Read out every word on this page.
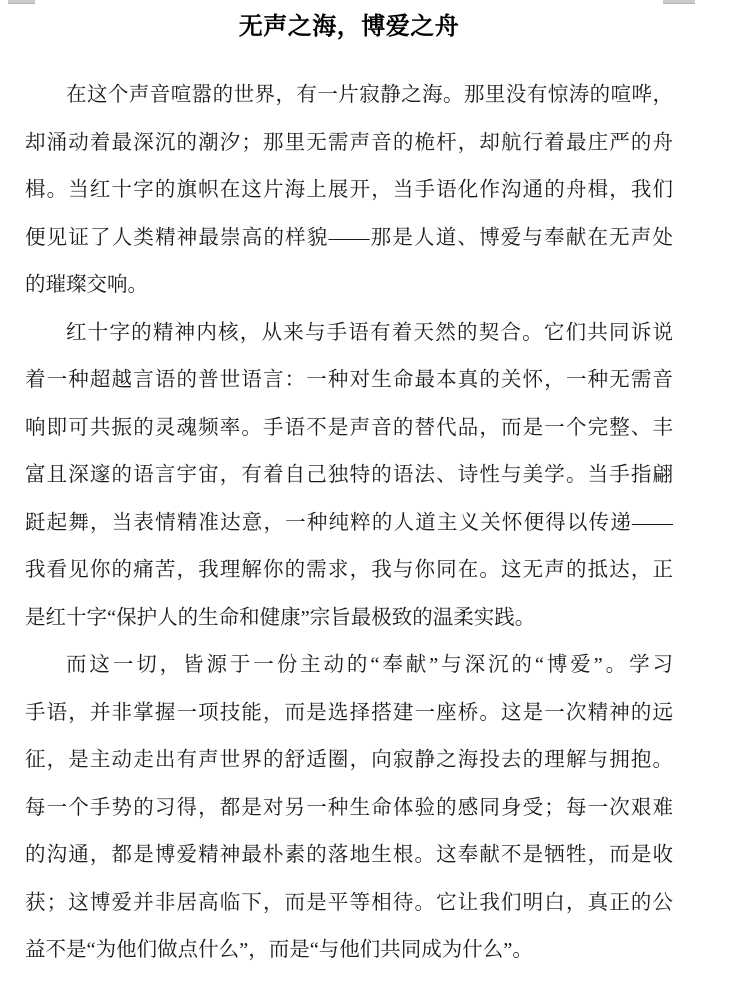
无声之海，博爱之舟
在这个声音喧嚣的世界，有一片寂静之海。那里没有惊涛的喧哗，
却涌动着最深沉的潮汐；那里无需声音的桅杆，却航行着最庄严的舟
楫。当红十字的旗帜在这片海上展开，当手语化作沟通的舟楫，我们
便见证了人类精神最崇高的样貌——那是人道、博爱与奉献在无声处
的璀璨交响。
红十字的精神内核，从来与手语有着天然的契合。它们共同诉说
着一种超越言语的普世语言：一种对生命最本真的关怀，一种无需音
响即可共振的灵魂频率。手语不是声音的替代品，而是一个完整、丰
富且深邃的语言宇宙，有着自己独特的语法、诗性与美学。当手指翩
跹起舞，当表情精准达意，一种纯粹的人道主义关怀便得以传递——
我看见你的痛苦，我理解你的需求，我与你同在。这无声的抵达，正
是红十字“保护人的生命和健康”宗旨最极致的温柔实践。
而这一切，皆源于一份主动的“奉献”与深沉的“博爱”。学习
手语，并非掌握一项技能，而是选择搭建一座桥。这是一次精神的远
征，是主动走出有声世界的舒适圈，向寂静之海投去的理解与拥抱。
每一个手势的习得，都是对另一种生命体验的感同身受；每一次艰难
的沟通，都是博爱精神最朴素的落地生根。这奉献不是牺牲，而是收
获；这博爱并非居高临下，而是平等相待。它让我们明白，真正的公
益不是“为他们做点什么”，而是“与他们共同成为什么”。
